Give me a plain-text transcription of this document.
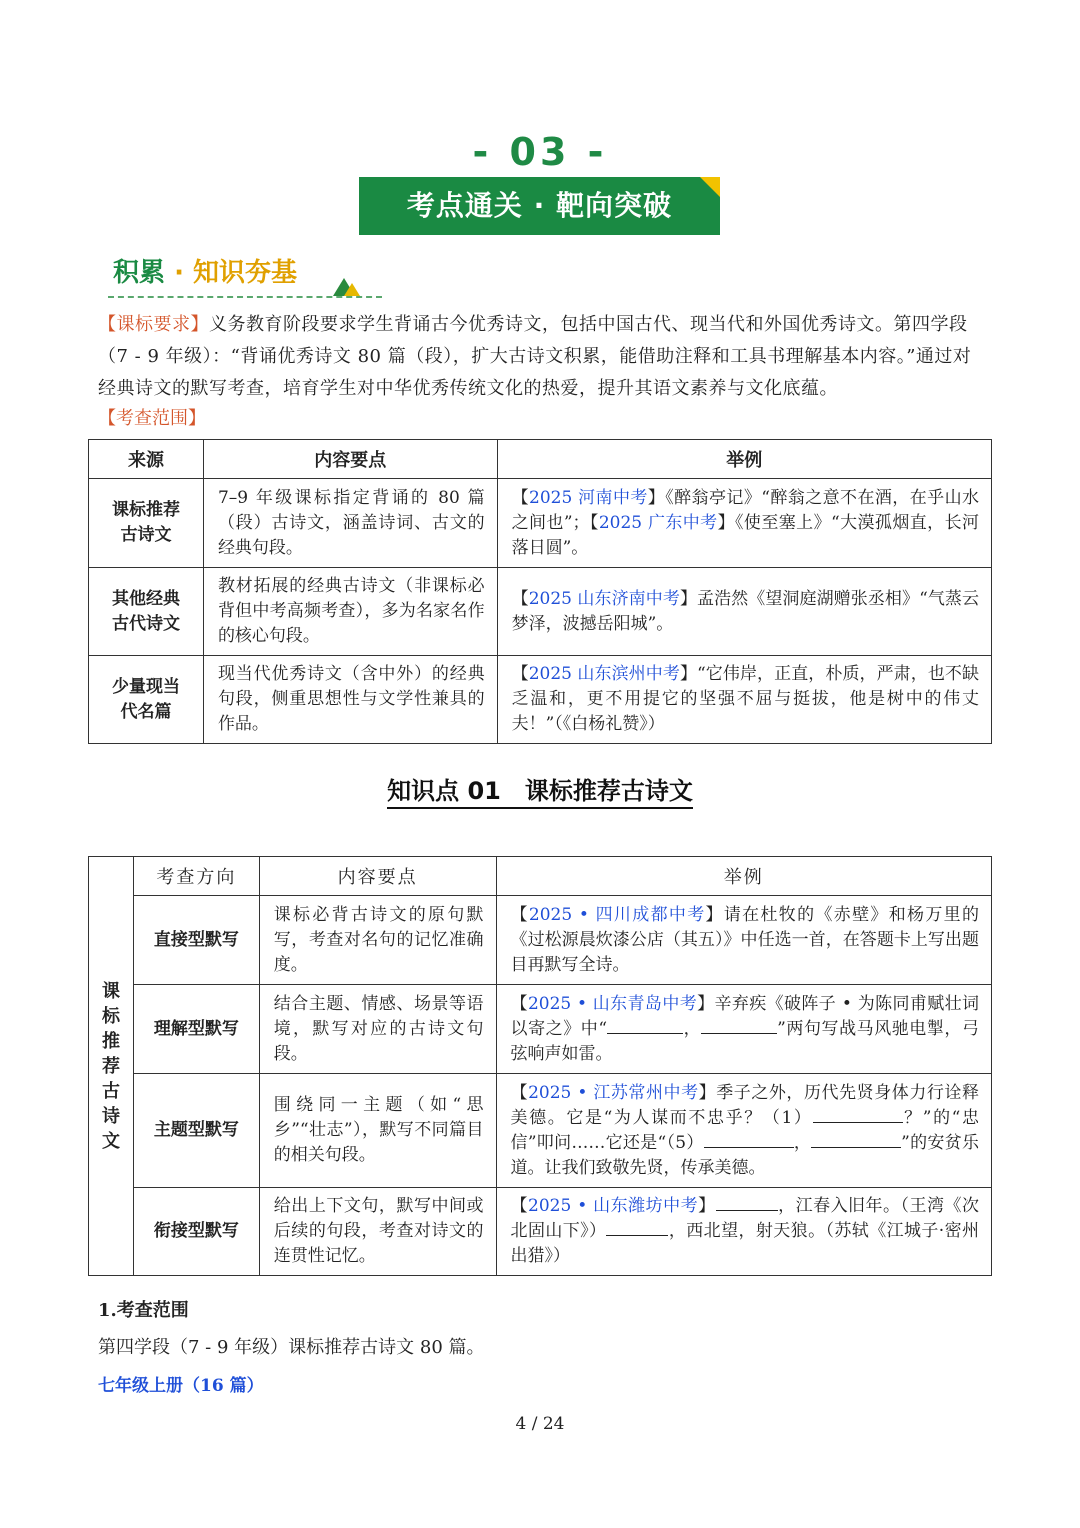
- 03 -
考点通关 · 靶向突破
积累 · 知识夯基
【课标要求】义务教育阶段要求学生背诵古今优秀诗文，包括中国古代、现当代和外国优秀诗文。第四学段（7 - 9 年级）：“背诵优秀诗文 80 篇（段），扩大古诗文积累，能借助注释和工具书理解基本内容。”通过对经典诗文的默写考查，培育学生对中华优秀传统文化的热爱，提升其语文素养与文化底蕴。
【考查范围】
来源	内容要点	举例

课标推荐古诗文	7–9 年级课标指定背诵的 80 篇（段）古诗文，涵盖诗词、古文的经典句段。	【2025 河南中考】《醉翁亭记》“醉翁之意不在酒，在乎山水之间也”；【2025 广东中考】《使至塞上》“大漠孤烟直，长河落日圆”。

其他经典古代诗文	教材拓展的经典古诗文（非课标必背但中考高频考查），多为名家名作的核心句段。	【2025 山东济南中考】孟浩然《望洞庭湖赠张丞相》“气蒸云梦泽，波撼岳阳城”。

少量现当代名篇	现当代优秀诗文（含中外）的经典句段，侧重思想性与文学性兼具的作品。	【2025 山东滨州中考】“它伟岸，正直，朴质，严肃，也不缺乏温和，更不用提它的坚强不屈与挺拔，他是树中的伟丈夫！”（《白杨礼赞》）
知识点 01　课标推荐古诗文
课标推荐古诗文	考查方向	内容要点	举例
	直接型默写	课标必背古诗文的原句默写，考查对名句的记忆准确度。	【2025 • 四川成都中考】请在杜牧的《赤壁》和杨万里的《过松源晨炊漆公店（其五）》中任选一首，在答题卡上写出题目再默写全诗。
	理解型默写	结合主题、情感、场景等语境，默写对应的古诗文句段。	【2025 • 山东青岛中考】辛弃疾《破阵子 • 为陈同甫赋壮词以寄之》中“ ， ”两句写战马风驰电掣，弓弦响声如雷。
	主题型默写	围绕同一主题（如“思乡”“壮志”），默写不同篇目的相关句段。	【2025 • 江苏常州中考】季子之外，历代先贤身体力行诠释美德。它是“为人谋而不忠乎？（1） ？”的“忠信”叩问……它还是“（5） ， ”的安贫乐道。让我们致敬先贤，传承美德。
	衔接型默写	给出上下文句，默写中间或后续的句段，考查对诗文的连贯性记忆。	【2025 • 山东潍坊中考】 ，江春入旧年。（王湾《次北固山下》） ，西北望，射天狼。（苏轼《江城子·密州出猎》）
1.考查范围
第四学段（7 - 9 年级）课标推荐古诗文 80 篇。
七年级上册（16 篇）
4 / 24
